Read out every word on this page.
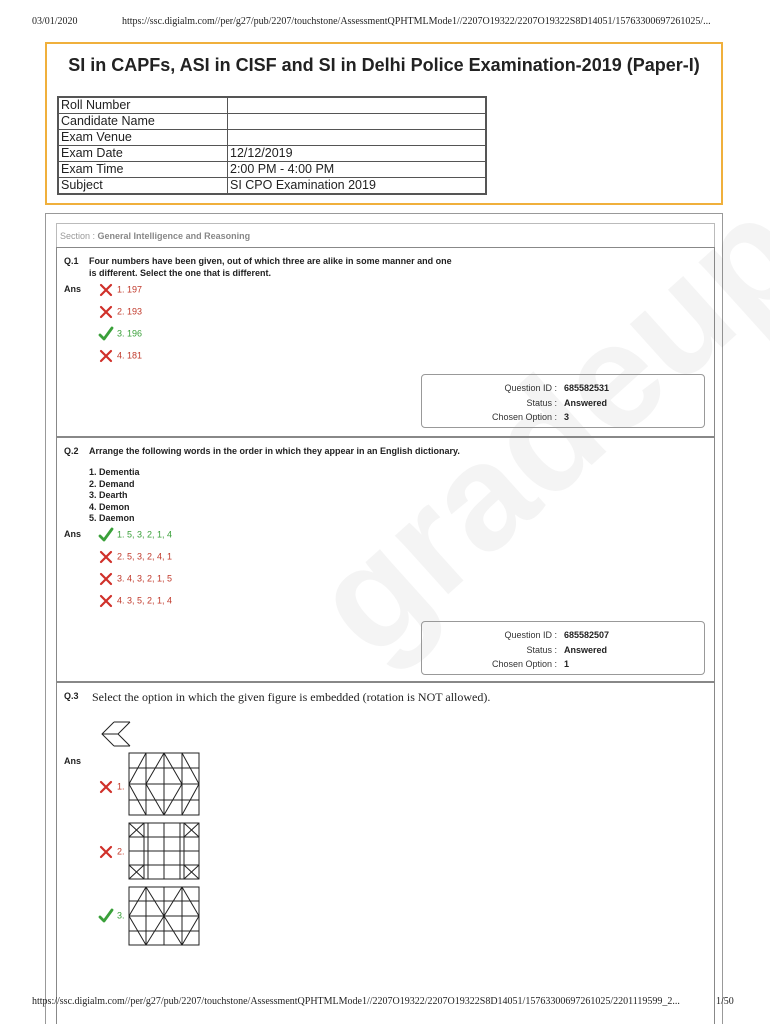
03/01/2020	https://ssc.digialm.com//per/g27/pub/2207/touchstone/AssessmentQPHTMLMode1//2207O19322/2207O19322S8D14051/15763300697261025/...
SI in CAPFs, ASI in CISF and SI in Delhi Police Examination-2019 (Paper-I)
Roll Number	
Candidate Name	
Exam Venue	
Exam Date	12/12/2019
Exam Time	2:00 PM - 4:00 PM
Subject	SI CPO Examination 2019
Section : General Intelligence and Reasoning
Q.1 Four numbers have been given, out of which three are alike in some manner and one
is different. Select the one that is different.
Ans	1. 197
2. 193
3. 196
4. 181
Question ID : 685582531
Status : Answered
Chosen Option : 3
Q.2 Arrange the following words in the order in which they appear in an English dictionary.
1. Dementia
2. Demand
3. Dearth
4. Demon
5. Daemon
Ans	1. 5, 3, 2, 1, 4
2. 5, 3, 2, 4, 1
3. 4, 3, 2, 1, 5
4. 3, 5, 2, 1, 4
Question ID : 685582507
Status : Answered
Chosen Option : 1
Q.3 Select the option in which the given figure is embedded (rotation is NOT allowed).
Ans
1.
2.
3.
https://ssc.digialm.com//per/g27/pub/2207/touchstone/AssessmentQPHTMLMode1//2207O19322/2207O19322S8D14051/15763300697261025/2201119599_2...	1/50
